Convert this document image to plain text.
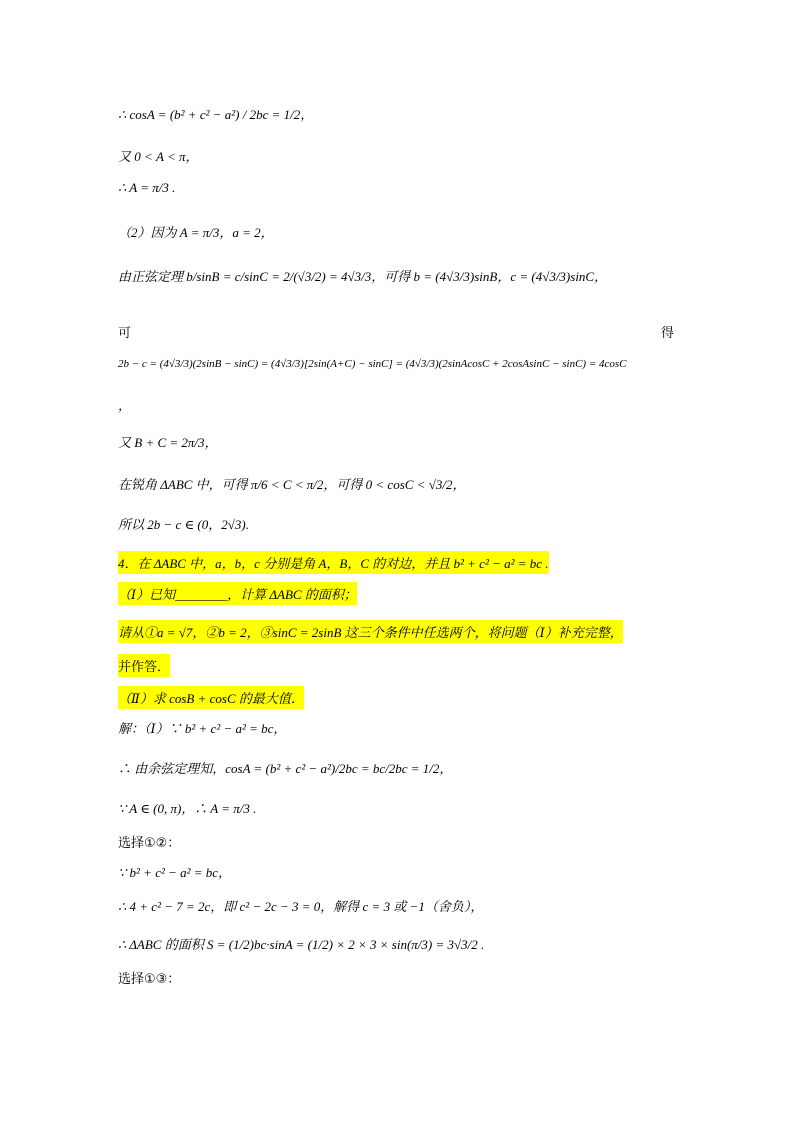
∴ cosA = (b² + c² − a²) / 2bc = 1/2，
又 0 < A < π，
∴ A = π/3 .
（2）因为 A = π/3，a = 2，
由正弦定理 b/sinB = c/sinC = 2/(√3/2) = 4√3/3，可得 b = (4√3/3)sinB，c = (4√3/3)sinC，
可	得
2b − c = (4√3/3)(2sinB − sinC) = (4√3/3)[2sin(A+C) − sinC] = (4√3/3)(2sinAcosC + 2cosAsinC − sinC) = 4cosC
，
又 B + C = 2π/3，
在锐角 ΔABC 中，可得 π/6 < C < π/2，可得 0 < cosC < √3/2，
所以 2b − c ∈ (0，2√3).
4．在 ΔABC 中，a，b，c 分别是角 A，B，C 的对边，并且 b² + c² − a² = bc .
（Ⅰ）已知________，计算 ΔABC 的面积；
请从①a = √7，②b = 2，③sinC = 2sinB 这三个条件中任选两个，将问题（Ⅰ）补充完整，
并作答．
（Ⅱ）求 cosB + cosC 的最大值．
解：（Ⅰ）∵ b² + c² − a² = bc，
∴ 由余弦定理知，cosA = (b² + c² − a²)/2bc = bc/2bc = 1/2，
∵ A ∈ (0, π)，∴ A = π/3 .
选择①②：
∵ b² + c² − a² = bc，
∴ 4 + c² − 7 = 2c，即 c² − 2c − 3 = 0，解得 c = 3 或 −1（舍负），
∴ ΔABC 的面积 S = (1/2)bc·sinA = (1/2) × 2 × 3 × sin(π/3) = 3√3/2 .
选择①③：
